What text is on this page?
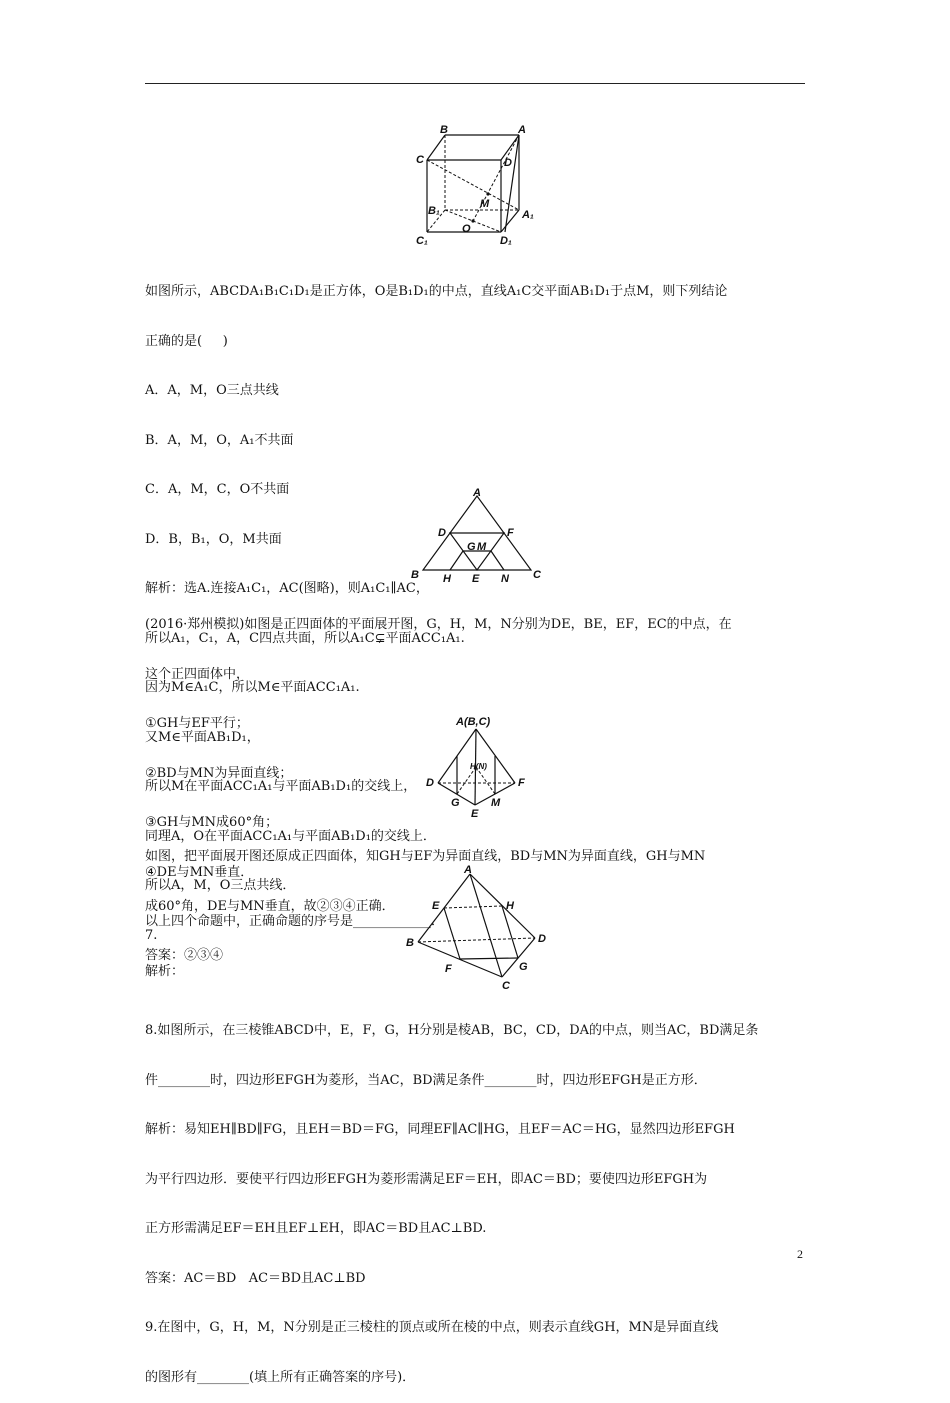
B	A
C	D
M
B₁	A₁
O
C₁	D₁

如图所示，ABCDA₁B₁C₁D₁是正方体，O是B₁D₁的中点，直线A₁C交平面AB₁D₁于点M，则下列结论

正确的是(     )

A．A，M，O三点共线

B．A，M，O，A₁不共面

C．A，M，C，O不共面

D．B，B₁，O，M共面

解析：选A.连接A₁C₁，AC(图略)，则A₁C₁∥AC，

所以A₁，C₁，A，C四点共面，所以A₁C⊊平面ACC₁A₁.

因为M∈A₁C，所以M∈平面ACC₁A₁.

又M∈平面AB₁D₁，

所以M在平面ACC₁A₁与平面AB₁D₁的交线上，

同理A，O在平面ACC₁A₁与平面AB₁D₁的交线上．

所以A，M，O三点共线．

7.

A
D	F
G M
B H E N C

(2016·郑州模拟)如图是正四面体的平面展开图，G，H，M，N分别为DE，BE，EF，EC的中点，在

这个正四面体中，

①GH与EF平行；

②BD与MN为异面直线；

③GH与MN成60°角；

④DE与MN垂直．

以上四个命题中，正确命题的序号是____________．

解析：

A(B,C)
H(N)
D	F
G	M
E

如图，把平面展开图还原成正四面体，知GH与EF为异面直线，BD与MN为异面直线，GH与MN

成60°角，DE与MN垂直，故②③④正确．

答案：②③④

A
E	H
B	D
F	G
C

8.如图所示，在三棱锥ABCD中，E，F，G，H分别是棱AB，BC，CD，DA的中点，则当AC，BD满足条

件________时，四边形EFGH为菱形，当AC，BD满足条件________时，四边形EFGH是正方形．

解析：易知EH∥BD∥FG，且EH＝BD＝FG，同理EF∥AC∥HG，且EF＝AC＝HG，显然四边形EFGH

为平行四边形．要使平行四边形EFGH为菱形需满足EF＝EH，即AC＝BD；要使四边形EFGH为

正方形需满足EF＝EH且EF⊥EH，即AC＝BD且AC⊥BD.

答案：AC＝BD   AC＝BD且AC⊥BD

9.在图中，G，H，M，N分别是正三棱柱的顶点或所在棱的中点，则表示直线GH，MN是异面直线

的图形有________(填上所有正确答案的序号)．

2
